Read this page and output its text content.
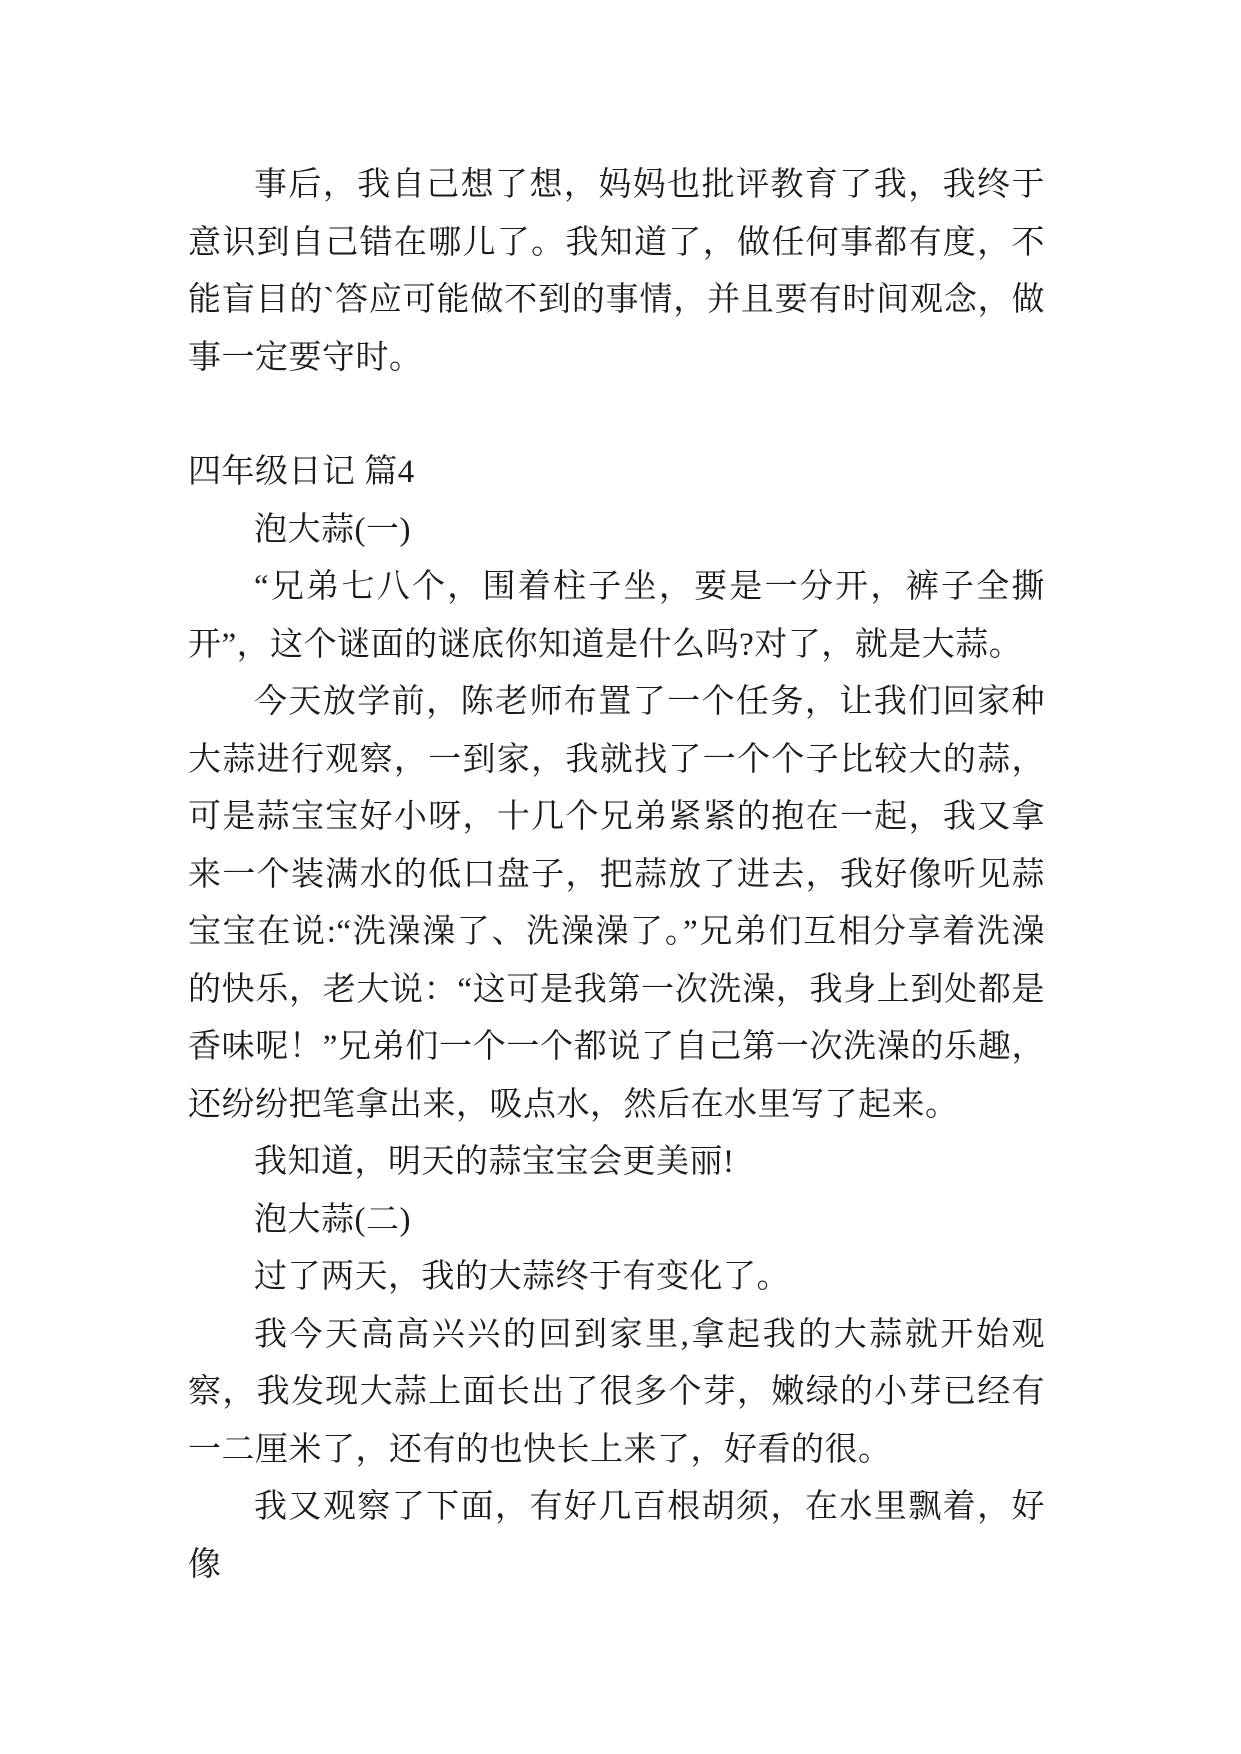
事后，我自己想了想，妈妈也批评教育了我，我终于意识到自己错在哪儿了。我知道了，做任何事都有度，不能盲目的`答应可能做不到的事情，并且要有时间观念，做事一定要守时。

四年级日记 篇4

泡大蒜(一)

“兄弟七八个，围着柱子坐，要是一分开，裤子全撕开”，这个谜面的谜底你知道是什么吗?对了，就是大蒜。

今天放学前，陈老师布置了一个任务，让我们回家种大蒜进行观察，一到家，我就找了一个个子比较大的蒜，可是蒜宝宝好小呀，十几个兄弟紧紧的抱在一起，我又拿来一个装满水的低口盘子，把蒜放了进去，我好像听见蒜宝宝在说:“洗澡澡了、洗澡澡了。”兄弟们互相分享着洗澡的快乐，老大说：“这可是我第一次洗澡，我身上到处都是香味呢！”兄弟们一个一个都说了自己第一次洗澡的乐趣，还纷纷把笔拿出来，吸点水，然后在水里写了起来。

我知道，明天的蒜宝宝会更美丽!

泡大蒜(二)

过了两天，我的大蒜终于有变化了。

我今天高高兴兴的回到家里,拿起我的大蒜就开始观察，我发现大蒜上面长出了很多个芽，嫩绿的小芽已经有一二厘米了，还有的也快长上来了，好看的很。

我又观察了下面，有好几百根胡须，在水里飘着，好像
